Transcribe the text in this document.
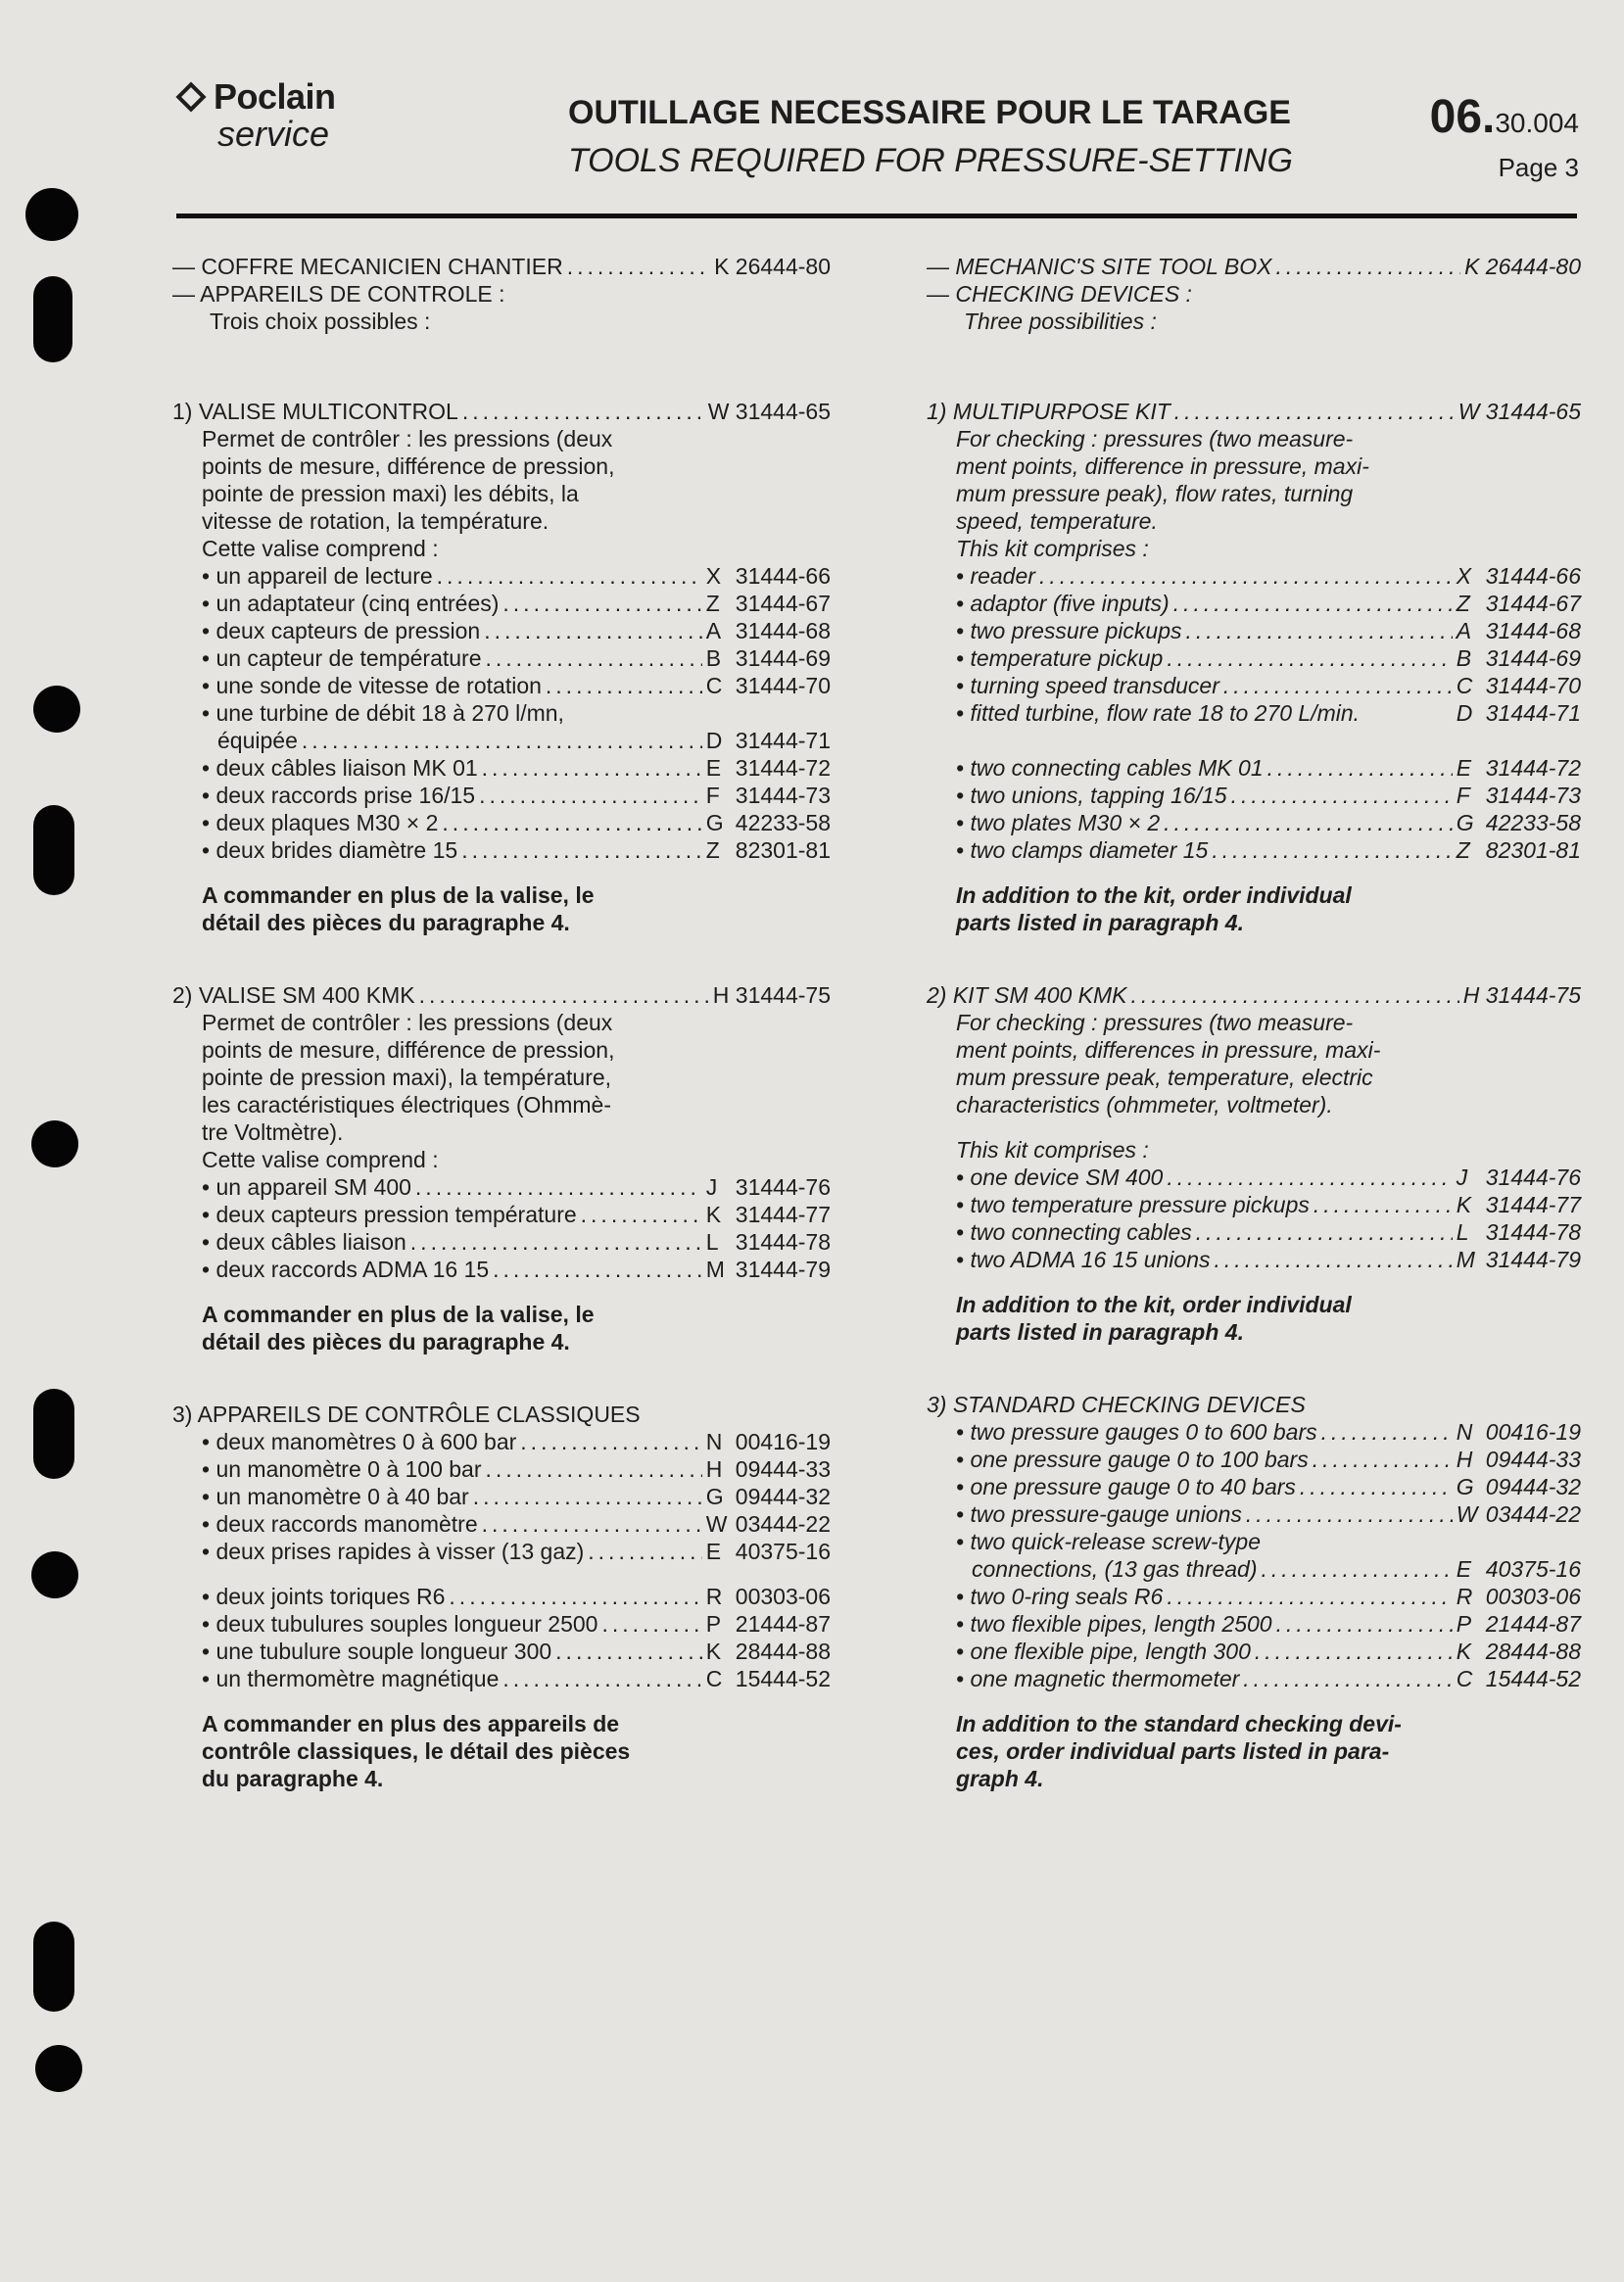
Poclain
service
OUTILLAGE NECESSAIRE POUR LE TARAGE
TOOLS REQUIRED FOR PRESSURE-SETTING
06.30.004
Page 3
— COFFRE MECANICIEN CHANTIER .....	K 26444-80
— APPAREILS DE CONTROLE :
Trois choix possibles :
1) VALISE MULTICONTROL .....	W 31444-65
Permet de contrôler : les pressions (deux
points de mesure, différence de pression,
pointe de pression maxi) les débits, la
vitesse de rotation, la température.
Cette valise comprend :
• un appareil de lecture .....	X 31444-66
• un adaptateur (cinq entrées) .....	Z 31444-67
• deux capteurs de pression .....	A 31444-68
• un capteur de température .....	B 31444-69
• une sonde de vitesse de rotation .....	C 31444-70
• une turbine de débit 18 à 270 l/mn,
équipée .....	D 31444-71
• deux câbles liaison MK 01 .....	E 31444-72
• deux raccords prise 16/15 .....	F 31444-73
• deux plaques M30 × 2 .....	G 42233-58
• deux brides diamètre 15 .....	Z 82301-81
A commander en plus de la valise, le
détail des pièces du paragraphe 4.
2) VALISE SM 400 KMK .....	H 31444-75
Permet de contrôler : les pressions (deux
points de mesure, différence de pression,
pointe de pression maxi), la température,
les caractéristiques électriques (Ohmmè-
tre Voltmètre).
Cette valise comprend :
• un appareil SM 400 .....	J 31444-76
• deux capteurs pression température .....	K 31444-77
• deux câbles liaison .....	L 31444-78
• deux raccords ADMA 16 15 .....	M 31444-79
A commander en plus de la valise, le
détail des pièces du paragraphe 4.
3) APPAREILS DE CONTRÔLE CLASSIQUES
• deux manomètres 0 à 600 bar .....	N 00416-19
• un manomètre 0 à 100 bar .....	H 09444-33
• un manomètre 0 à 40 bar .....	G 09444-32
• deux raccords manomètre .....	W 03444-22
• deux prises rapides à visser (13 gaz) .....	E 40375-16
• deux joints toriques R6 .....	R 00303-06
• deux tubulures souples longueur 2500 .....	P 21444-87
• une tubulure souple longueur 300 .....	K 28444-88
• un thermomètre magnétique .....	C 15444-52
A commander en plus des appareils de
contrôle classiques, le détail des pièces
du paragraphe 4.
— MECHANIC'S SITE TOOL BOX .....	K 26444-80
— CHECKING DEVICES :
Three possibilities :
1) MULTIPURPOSE KIT .....	W 31444-65
For checking : pressures (two measure-
ment points, difference in pressure, maxi-
mum pressure peak), flow rates, turning
speed, temperature.
This kit comprises :
• reader .....	X 31444-66
• adaptor (five inputs) .....	Z 31444-67
• two pressure pickups .....	A 31444-68
• temperature pickup .....	B 31444-69
• turning speed transducer .....	C 31444-70
• fitted turbine, flow rate 18 to 270 L/min.	D 31444-71
• two connecting cables MK 01 .....	E 31444-72
• two unions, tapping 16/15 .....	F 31444-73
• two plates M30 × 2 .....	G 42233-58
• two clamps diameter 15 .....	Z 82301-81
In addition to the kit, order individual
parts listed in paragraph 4.
2) KIT SM 400 KMK .....	H 31444-75
For checking : pressures (two measure-
ment points, differences in pressure, maxi-
mum pressure peak, temperature, electric
characteristics (ohmmeter, voltmeter).
This kit comprises :
• one device SM 400 .....	J 31444-76
• two temperature pressure pickups .....	K 31444-77
• two connecting cables .....	L 31444-78
• two ADMA 16 15 unions .....	M 31444-79
In addition to the kit, order individual
parts listed in paragraph 4.
3) STANDARD CHECKING DEVICES
• two pressure gauges 0 to 600 bars .....	N 00416-19
• one pressure gauge 0 to 100 bars .....	H 09444-33
• one pressure gauge 0 to 40 bars .....	G 09444-32
• two pressure-gauge unions .....	W 03444-22
• two quick-release screw-type
connections, (13 gas thread) .....	E 40375-16
• two 0-ring seals R6 .....	R 00303-06
• two flexible pipes, length 2500 .....	P 21444-87
• one flexible pipe, length 300 .....	K 28444-88
• one magnetic thermometer .....	C 15444-52
In addition to the standard checking devi-
ces, order individual parts listed in para-
graph 4.
